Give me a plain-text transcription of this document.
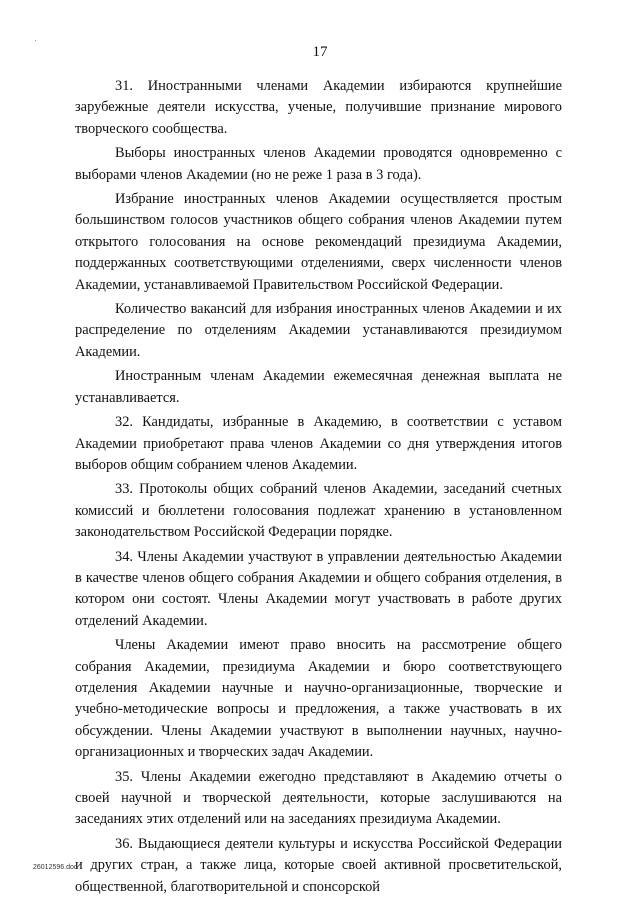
17

31. Иностранными членами Академии избираются крупнейшие зарубежные деятели искусства, ученые, получившие признание мирового творческого сообщества.

Выборы иностранных членов Академии проводятся одновременно с выборами членов Академии (но не реже 1 раза в 3 года).

Избрание иностранных членов Академии осуществляется простым большинством голосов участников общего собрания членов Академии путем открытого голосования на основе рекомендаций президиума Академии, поддержанных соответствующими отделениями, сверх численности членов Академии, устанавливаемой Правительством Российской Федерации.

Количество вакансий для избрания иностранных членов Академии и их распределение по отделениям Академии устанавливаются президиумом Академии.

Иностранным членам Академии ежемесячная денежная выплата не устанавливается.

32. Кандидаты, избранные в Академию, в соответствии с уставом Академии приобретают права членов Академии со дня утверждения итогов выборов общим собранием членов Академии.

33. Протоколы общих собраний членов Академии, заседаний счетных комиссий и бюллетени голосования подлежат хранению в установленном законодательством Российской Федерации порядке.

34. Члены Академии участвуют в управлении деятельностью Академии в качестве членов общего собрания Академии и общего собрания отделения, в котором они состоят. Члены Академии могут участвовать в работе других отделений Академии.

Члены Академии имеют право вносить на рассмотрение общего собрания Академии, президиума Академии и бюро соответствующего отделения Академии научные и научно-организационные, творческие и учебно-методические вопросы и предложения, а также участвовать в их обсуждении. Члены Академии участвуют в выполнении научных, научно-организационных и творческих задач Академии.

35. Члены Академии ежегодно представляют в Академию отчеты о своей научной и творческой деятельности, которые заслушиваются на заседаниях этих отделений или на заседаниях президиума Академии.

36. Выдающиеся деятели культуры и искусства Российской Федерации и других стран, а также лица, которые своей активной просветительской, общественной, благотворительной и спонсорской

26012596.doc
